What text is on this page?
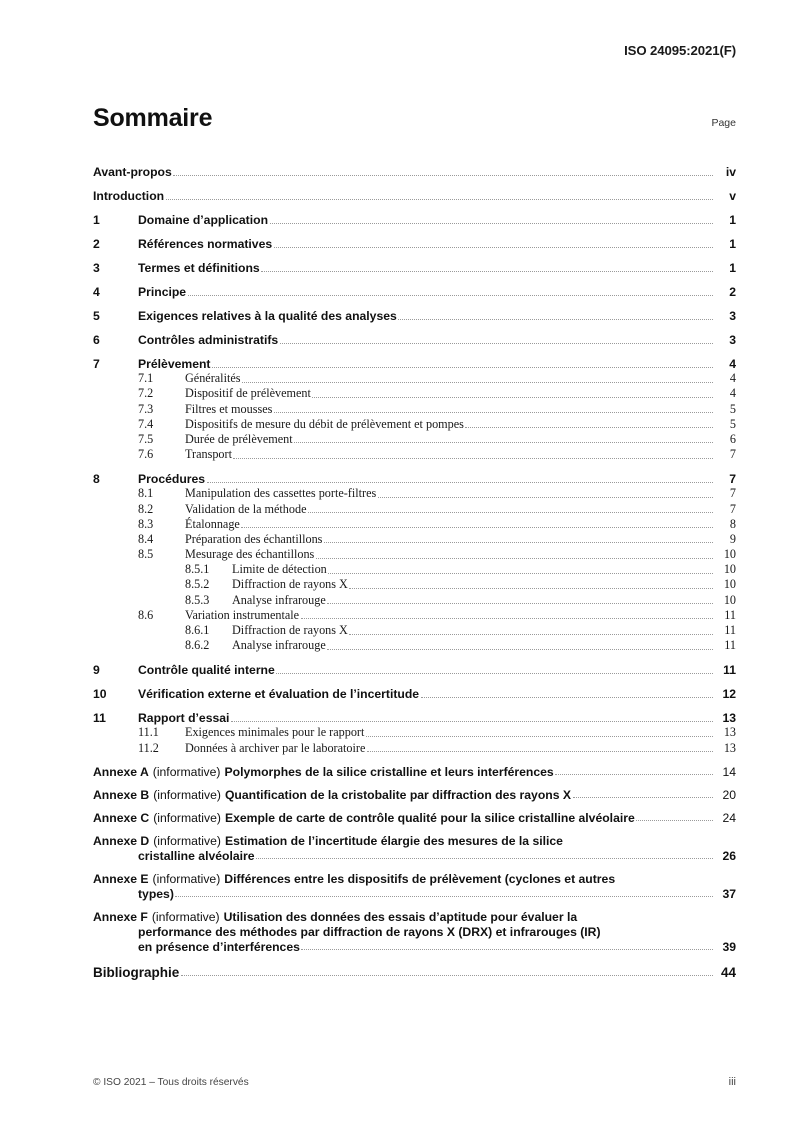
ISO 24095:2021(F)
Sommaire	Page
Avant-propos	iv
Introduction	v
1	Domaine d’application	1
2	Références normatives	1
3	Termes et définitions	1
4	Principe	2
5	Exigences relatives à la qualité des analyses	3
6	Contrôles administratifs	3
7	Prélèvement	4
7.1	Généralités	4
7.2	Dispositif de prélèvement	4
7.3	Filtres et mousses	5
7.4	Dispositifs de mesure du débit de prélèvement et pompes	5
7.5	Durée de prélèvement	6
7.6	Transport	7
8	Procédures	7
8.1	Manipulation des cassettes porte-filtres	7
8.2	Validation de la méthode	7
8.3	Étalonnage	8
8.4	Préparation des échantillons	9
8.5	Mesurage des échantillons	10
8.5.1	Limite de détection	10
8.5.2	Diffraction de rayons X	10
8.5.3	Analyse infrarouge	10
8.6	Variation instrumentale	11
8.6.1	Diffraction de rayons X	11
8.6.2	Analyse infrarouge	11
9	Contrôle qualité interne	11
10	Vérification externe et évaluation de l’incertitude	12
11	Rapport d’essai	13
11.1	Exigences minimales pour le rapport	13
11.2	Données à archiver par le laboratoire	13
Annexe A (informative) Polymorphes de la silice cristalline et leurs interférences	14
Annexe B (informative) Quantification de la cristobalite par diffraction des rayons X	20
Annexe C (informative) Exemple de carte de contrôle qualité pour la silice cristalline alvéolaire	24
Annexe D (informative) Estimation de l’incertitude élargie des mesures de la silice
cristalline alvéolaire	26
Annexe E (informative) Différences entre les dispositifs de prélèvement (cyclones et autres
types)	37
Annexe F (informative) Utilisation des données des essais d’aptitude pour évaluer la
performance des méthodes par diffraction de rayons X (DRX) et infrarouges (IR)
en présence d’interférences	39
Bibliographie	44
© ISO 2021 – Tous droits réservés	iii
